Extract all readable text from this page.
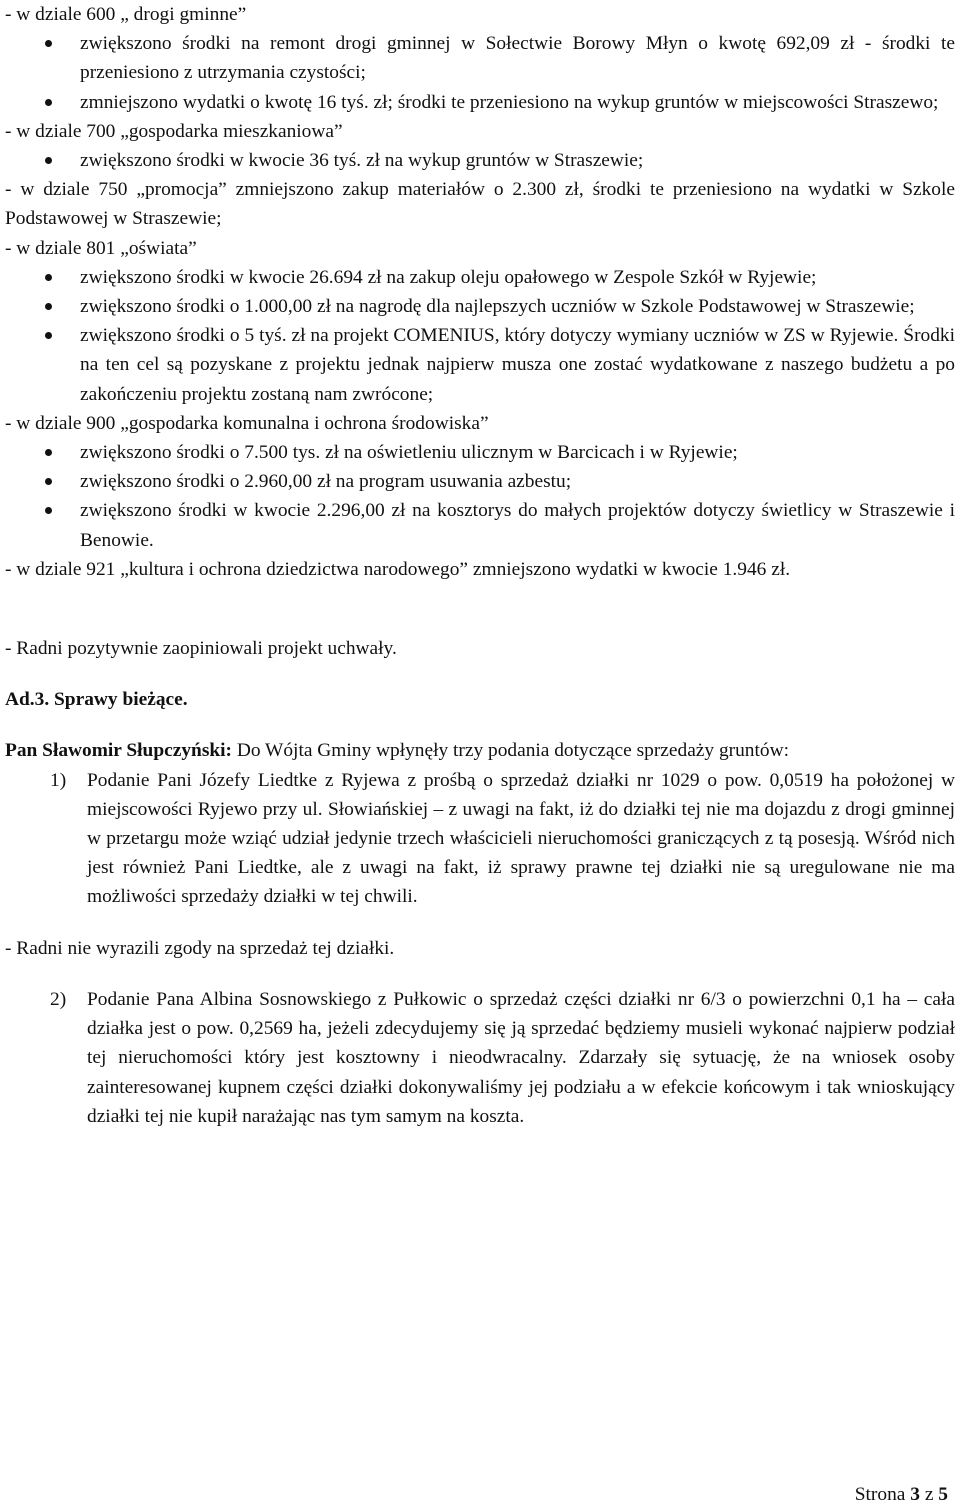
- w dziale 600 „ drogi gminne”
zwiększono środki na remont drogi gminnej w Sołectwie Borowy Młyn o kwotę 692,09 zł - środki te przeniesiono z utrzymania czystości;
zmniejszono wydatki o kwotę 16 tyś. zł; środki te przeniesiono na wykup gruntów w miejscowości Straszewo;
- w dziale 700 „gospodarka mieszkaniowa”
zwiększono środki w kwocie 36 tyś. zł na wykup gruntów w Straszewie;
- w dziale 750 „promocja” zmniejszono zakup materiałów o 2.300 zł, środki te przeniesiono na wydatki w Szkole Podstawowej w Straszewie;
- w dziale 801 „oświata”
zwiększono środki w kwocie 26.694 zł na zakup oleju opałowego w Zespole Szkół w Ryjewie;
zwiększono środki o 1.000,00 zł na nagrodę dla najlepszych uczniów w Szkole Podstawowej w Straszewie;
zwiększono środki o 5 tyś. zł na projekt COMENIUS, który dotyczy wymiany uczniów w ZS w Ryjewie. Środki na ten cel są pozyskane z projektu jednak najpierw musza one zostać wydatkowane z naszego budżetu a po zakończeniu projektu zostaną nam zwrócone;
- w dziale 900 „gospodarka komunalna i ochrona środowiska”
zwiększono środki o 7.500 tys. zł na oświetleniu ulicznym w Barcicach i w Ryjewie;
zwiększono środki o 2.960,00 zł na program usuwania azbestu;
zwiększono środki w kwocie 2.296,00 zł na kosztorys do małych projektów dotyczy świetlicy w Straszewie i Benowie.
- w dziale 921 „kultura i ochrona dziedzictwa narodowego” zmniejszono wydatki w kwocie 1.946 zł.
- Radni pozytywnie zaopiniowali projekt uchwały.
Ad.3. Sprawy bieżące.
Pan Sławomir Słupczyński: Do Wójta Gminy wpłynęły trzy podania dotyczące sprzedaży gruntów:
1) Podanie Pani Józefy Liedtke z Ryjewa z prośbą o sprzedaż działki nr 1029 o pow. 0,0519 ha położonej w miejscowości Ryjewo przy ul. Słowiańskiej – z uwagi na fakt, iż do działki tej nie ma dojazdu z drogi gminnej w przetargu może wziąć udział jedynie trzech właścicieli nieruchomości graniczących z tą posesją. Wśród nich jest również Pani Liedtke, ale z uwagi na fakt, iż sprawy prawne tej działki nie są uregulowane nie ma możliwości sprzedaży działki w tej chwili.
- Radni nie wyrazili zgody na sprzedaż tej działki.
2) Podanie Pana Albina Sosnowskiego z Pułkowic o sprzedaż części działki nr 6/3 o powierzchni 0,1 ha – cała działka jest o pow. 0,2569 ha, jeżeli zdecydujemy się ją sprzedać będziemy musieli wykonać najpierw podział tej nieruchomości który jest kosztowny i nieodwracalny. Zdarzały się sytuację, że na wniosek osoby zainteresowanej kupnem części działki dokonywaliśmy jej podziału a w efekcie końcowym i tak wnioskujący działki tej nie kupił narażając nas tym samym na koszta.
Strona 3 z 5
